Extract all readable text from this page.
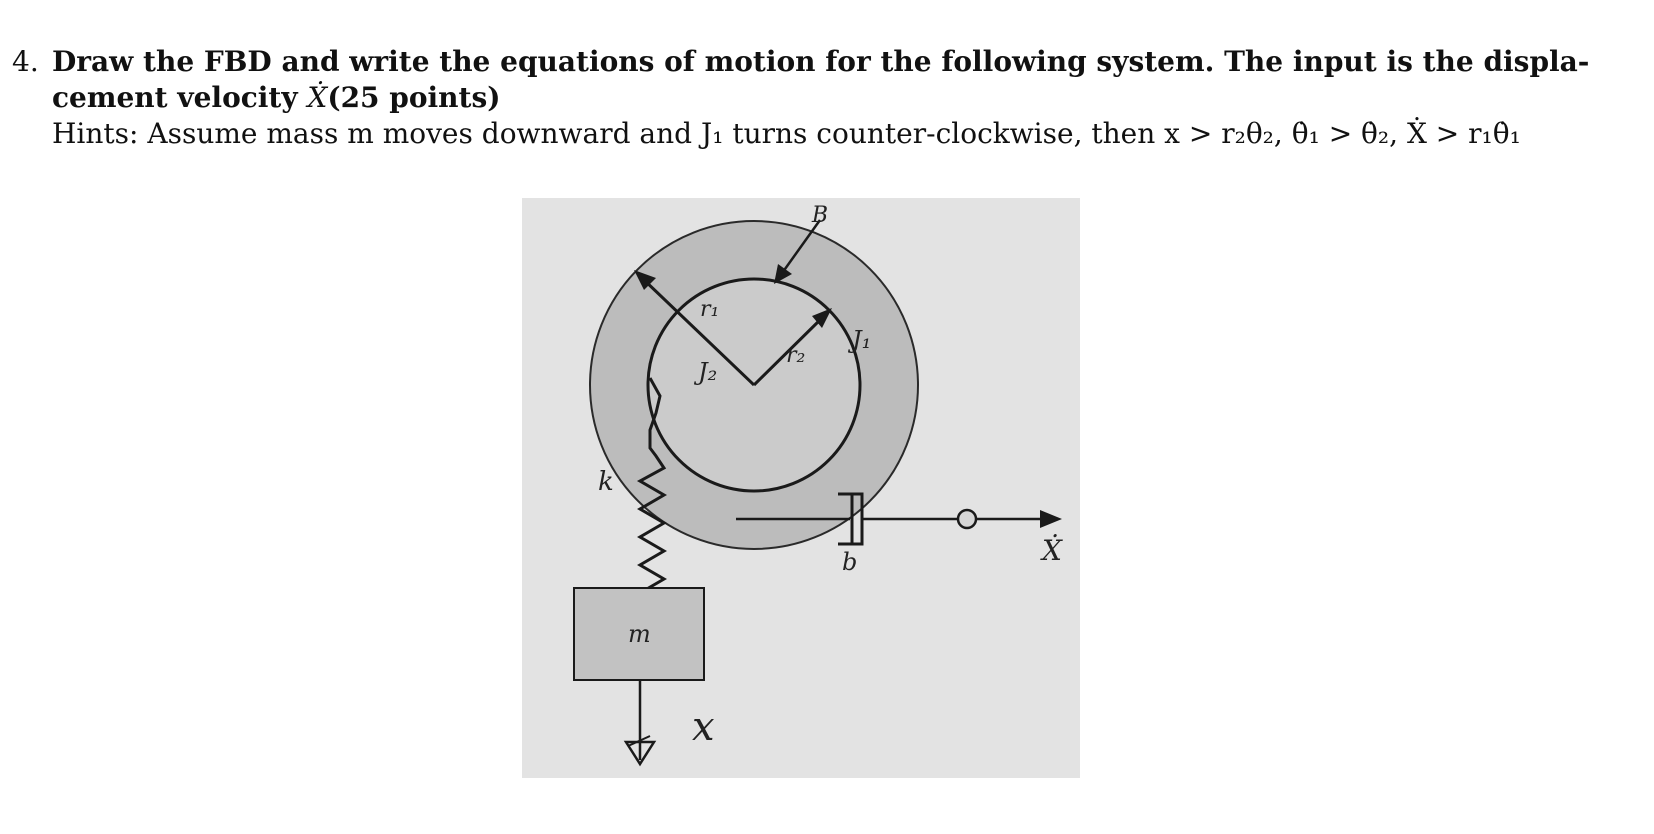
4. Draw the FBD and write the equations of motion for the following system. The input is the displa-
cement velocity Ẋ(25 points)
Hints: Assume mass m moves downward and J₁ turns counter-clockwise, then x > r₂θ₂, θ̇₁ > θ̇₂, Ẋ > r₁θ̇₁
B
r₁
r₂
J₁
J₂
k
b
m
Ẋ
x
